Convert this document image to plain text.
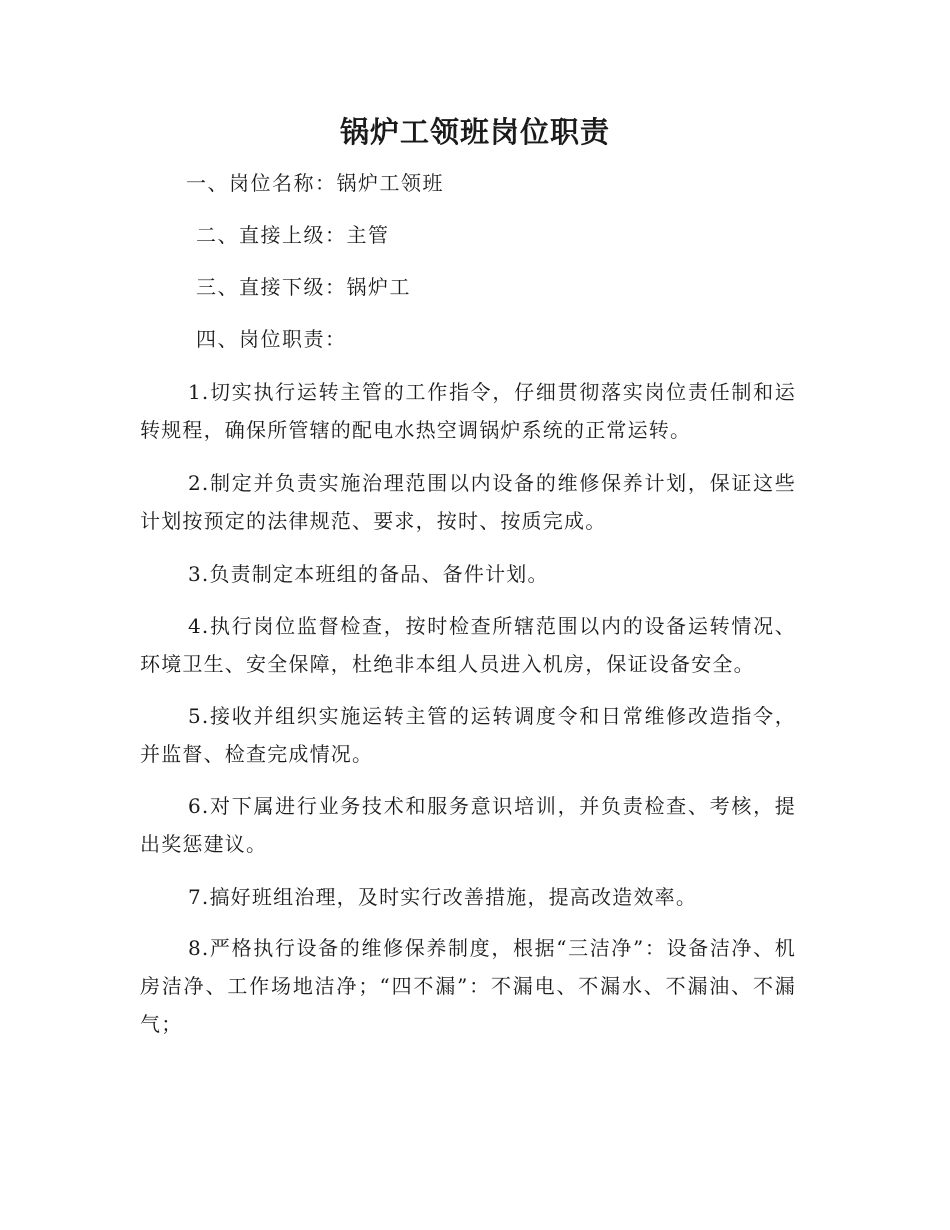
锅炉工领班岗位职责

一、岗位名称：锅炉工领班

二、直接上级：主管

三、直接下级：锅炉工

四、岗位职责：

1.切实执行运转主管的工作指令，仔细贯彻落实岗位责任制和运转规程，确保所管辖的配电水热空调锅炉系统的正常运转。

2.制定并负责实施治理范围以内设备的维修保养计划，保证这些计划按预定的法律规范、要求，按时、按质完成。

3.负责制定本班组的备品、备件计划。

4.执行岗位监督检查，按时检查所辖范围以内的设备运转情况、环境卫生、安全保障，杜绝非本组人员进入机房，保证设备安全。

5.接收并组织实施运转主管的运转调度令和日常维修改造指令，并监督、检查完成情况。

6.对下属进行业务技术和服务意识培训，并负责检查、考核，提出奖惩建议。

7.搞好班组治理，及时实行改善措施，提高改造效率。

8.严格执行设备的维修保养制度，根据“三洁净”：设备洁净、机房洁净、工作场地洁净；“四不漏”：不漏电、不漏水、不漏油、不漏气；
